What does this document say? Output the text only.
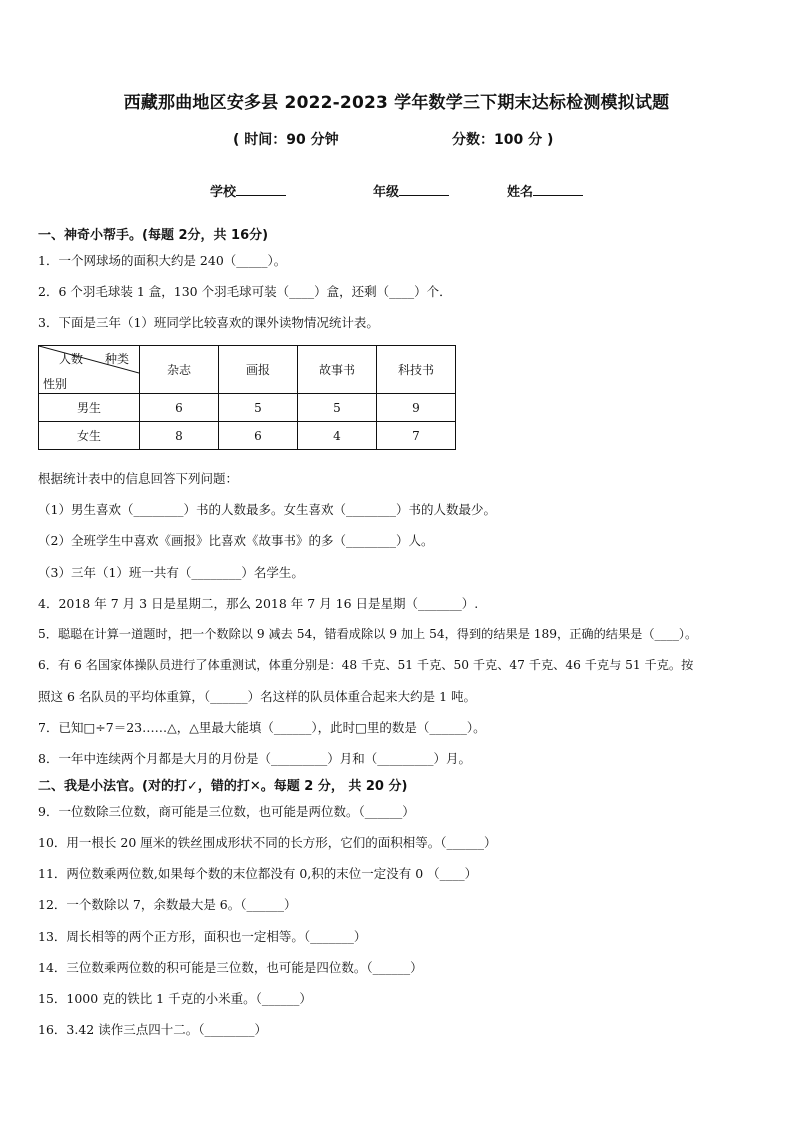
西藏那曲地区安多县 2022-2023 学年数学三下期末达标检测模拟试题
( 时间：90 分钟	分数：100 分 )
学校	年级	姓名
一、神奇小帮手。(每题 2分，共 16分)
1．一个网球场的面积大约是 240（_____）。
2．6 个羽毛球装 1 盒，130 个羽毛球可装（____）盒，还剩（____）个．
3．下面是三年（1）班同学比较喜欢的课外读物情况统计表。
人数 种类
性别	杂志	画报	故事书	科技书
男生	6	5	5	9
女生	8	6	4	7
根据统计表中的信息回答下列问题：
（1）男生喜欢（________）书的人数最多。女生喜欢（________）书的人数最少。
（2）全班学生中喜欢《画报》比喜欢《故事书》的多（________）人。
（3）三年（1）班一共有（________）名学生。
4．2018 年 7 月 3 日是星期二，那么 2018 年 7 月 16 日是星期（_______）.
5．聪聪在计算一道题时，把一个数除以 9 减去 54，错看成除以 9 加上 54，得到的结果是 189，正确的结果是（____）。
6．有 6 名国家体操队员进行了体重测试，体重分别是：48 千克、51 千克、50 千克、47 千克、46 千克与 51 千克。按
照这 6 名队员的平均体重算，（______）名这样的队员体重合起来大约是 1 吨。
7．已知□÷7＝23……△，△里最大能填（______），此时□里的数是（______）。
8．一年中连续两个月都是大月的月份是（_________）月和（_________）月。
二、我是小法官。(对的打✓，错的打✕。每题 2 分， 共 20 分)
9．一位数除三位数，商可能是三位数，也可能是两位数。（______）
10．用一根长 20 厘米的铁丝围成形状不同的长方形，它们的面积相等。（______）
11．两位数乘两位数,如果每个数的末位都没有 0,积的末位一定没有 0 （____）
12．一个数除以 7，余数最大是 6。（______）
13．周长相等的两个正方形，面积也一定相等。（_______）
14．三位数乘两位数的积可能是三位数，也可能是四位数。（______）
15．1000 克的铁比 1 千克的小米重。（______）
16．3.42 读作三点四十二。（________）
